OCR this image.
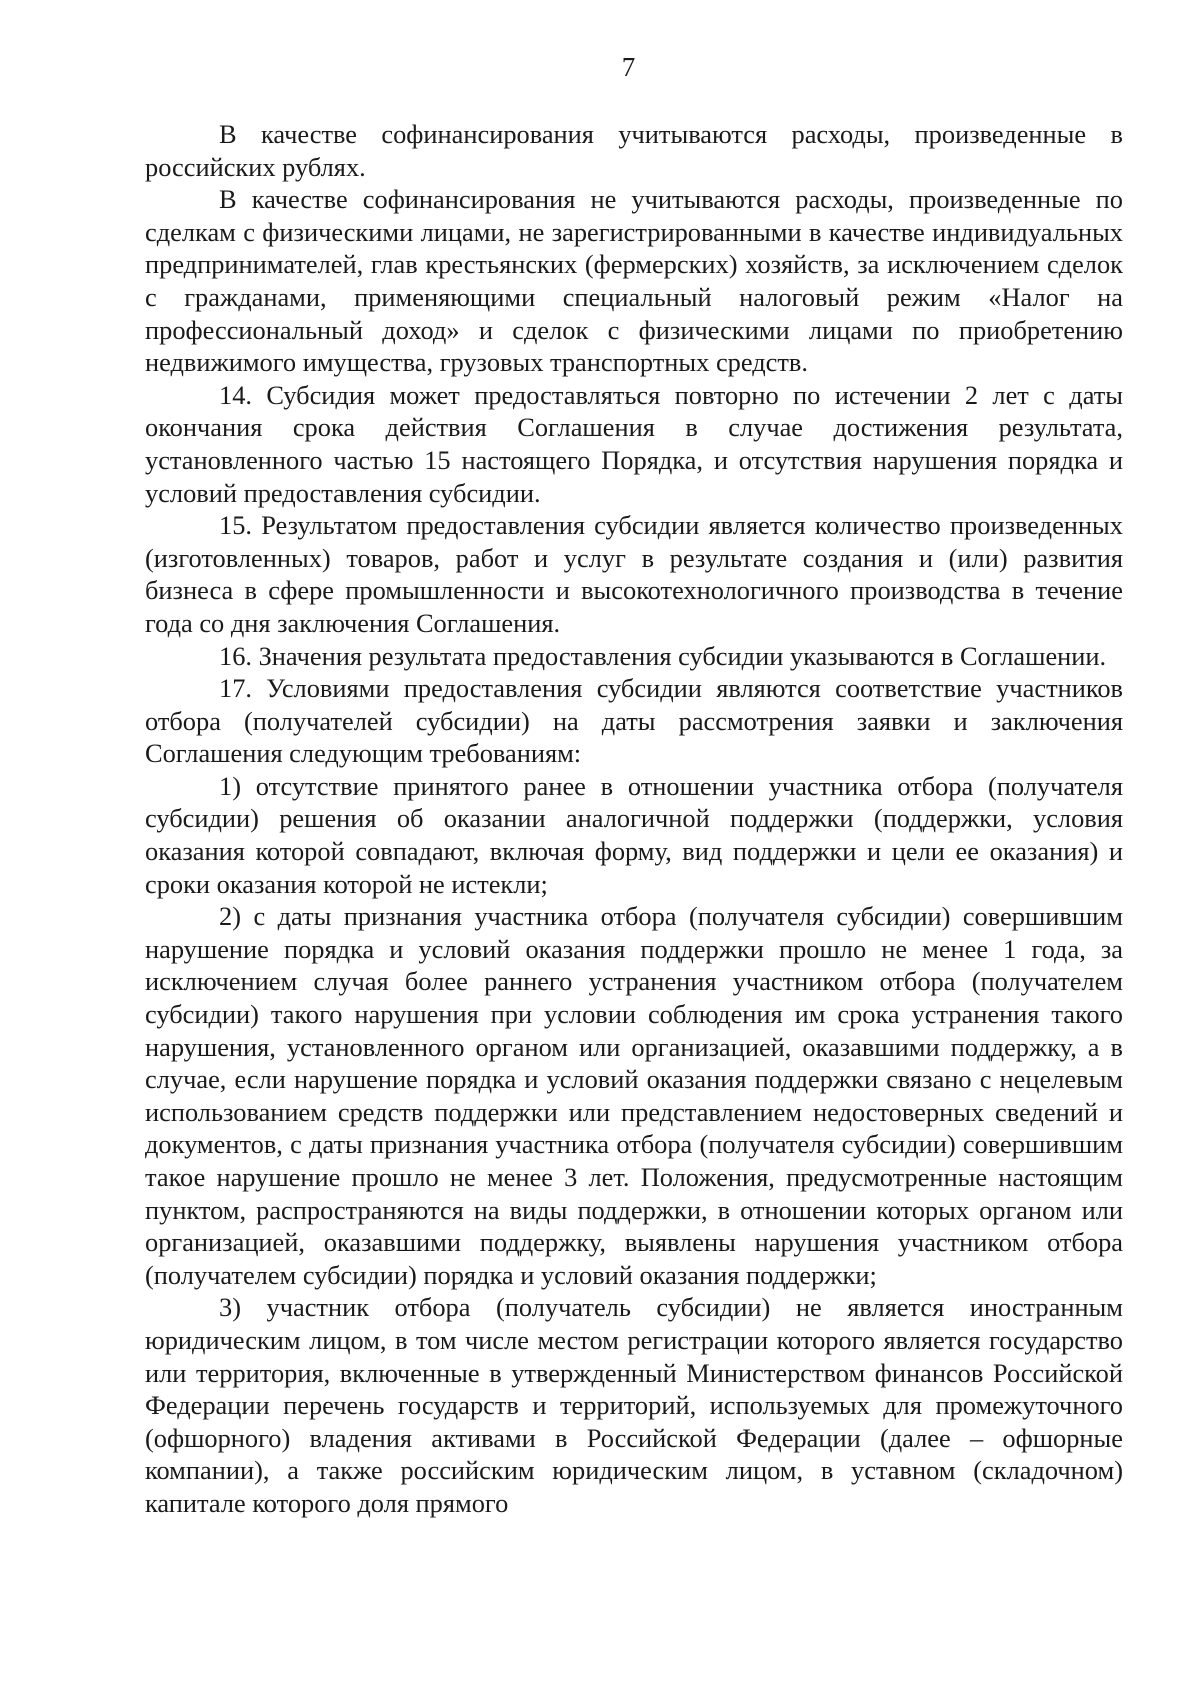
7

В качестве софинансирования учитываются расходы, произведенные в российских рублях.

В качестве софинансирования не учитываются расходы, произведенные по сделкам с физическими лицами, не зарегистрированными в качестве индивидуальных предпринимателей, глав крестьянских (фермерских) хозяйств, за исключением сделок с гражданами, применяющими специальный налоговый режим «Налог на профессиональный доход» и сделок с физическими лицами по приобретению недвижимого имущества, грузовых транспортных средств.

14. Субсидия может предоставляться повторно по истечении 2 лет с даты окончания срока действия Соглашения в случае достижения результата, установленного частью 15 настоящего Порядка, и отсутствия нарушения порядка и условий предоставления субсидии.

15. Результатом предоставления субсидии является количество произведенных (изготовленных) товаров, работ и услуг в результате создания и (или) развития бизнеса в сфере промышленности и высокотехнологичного производства в течение года со дня заключения Соглашения.

16. Значения результата предоставления субсидии указываются в Соглашении.

17. Условиями предоставления субсидии являются соответствие участников отбора (получателей субсидии) на даты рассмотрения заявки и заключения Соглашения следующим требованиям:

1) отсутствие принятого ранее в отношении участника отбора (получателя субсидии) решения об оказании аналогичной поддержки (поддержки, условия оказания которой совпадают, включая форму, вид поддержки и цели ее оказания) и сроки оказания которой не истекли;

2) с даты признания участника отбора (получателя субсидии) совершившим нарушение порядка и условий оказания поддержки прошло не менее 1 года, за исключением случая более раннего устранения участником отбора (получателем субсидии) такого нарушения при условии соблюдения им срока устранения такого нарушения, установленного органом или организацией, оказавшими поддержку, а в случае, если нарушение порядка и условий оказания поддержки связано с нецелевым использованием средств поддержки или представлением недостоверных сведений и документов, с даты признания участника отбора (получателя субсидии) совершившим такое нарушение прошло не менее 3 лет. Положения, предусмотренные настоящим пунктом, распространяются на виды поддержки, в отношении которых органом или организацией, оказавшими поддержку, выявлены нарушения участником отбора (получателем субсидии) порядка и условий оказания поддержки;

3) участник отбора (получатель субсидии) не является иностранным юридическим лицом, в том числе местом регистрации которого является государство или территория, включенные в утвержденный Министерством финансов Российской Федерации перечень государств и территорий, используемых для промежуточного (офшорного) владения активами в Российской Федерации (далее – офшорные компании), а также российским юридическим лицом, в уставном (складочном) капитале которого доля прямого
